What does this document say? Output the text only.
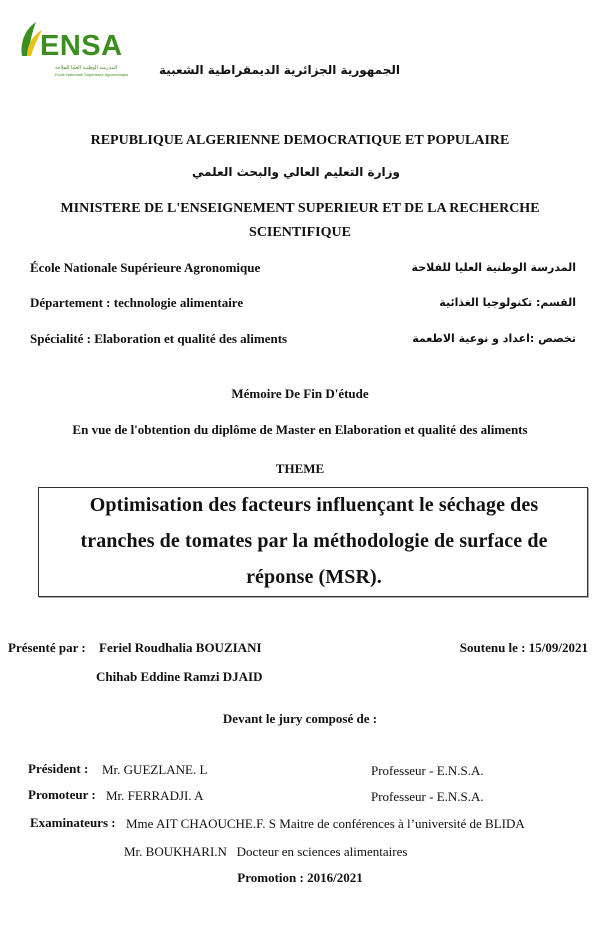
ENSA
المدرسة الوطنية العليا للفلاحة
Ecole Nationale Supérieure Agronomique	الجمهورية الجزائرية الديمقراطية الشعبية
REPUBLIQUE ALGERIENNE DEMOCRATIQUE ET POPULAIRE
وزارة التعليم العالي والبحث العلمي
MINISTERE DE L'ENSEIGNEMENT SUPERIEUR ET DE LA RECHERCHE
SCIENTIFIQUE
École Nationale Supérieure Agronomique	المدرسة الوطنية العليا للفلاحة
Département : technologie alimentaire	القسم: تكنولوجيا الغذائية
Spécialité : Elaboration et qualité des aliments	تخصص :اعداد و نوعية الاطعمة
Mémoire De Fin D'étude
En vue de l'obtention du diplôme de Master en Elaboration et qualité des aliments
THEME
Optimisation des facteurs influençant le séchage des
tranches de tomates par la méthodologie de surface de
réponse (MSR).
Présenté par : Feriel Roudhalia BOUZIANI
Chihab Eddine Ramzi DJAID
Soutenu le : 15/09/2021
Devant le jury composé de :
Président : Mr. GUEZLANE. L	Professeur - E.N.S.A.
Promoteur : Mr. FERRADJI. A	Professeur - E.N.S.A.
Examinateurs : Mme AIT CHAOUCHE.F. S Maitre de conférences à l’université de BLIDA
Mr. BOUKHARI.N   Docteur en sciences alimentaires
Promotion : 2016/2021
